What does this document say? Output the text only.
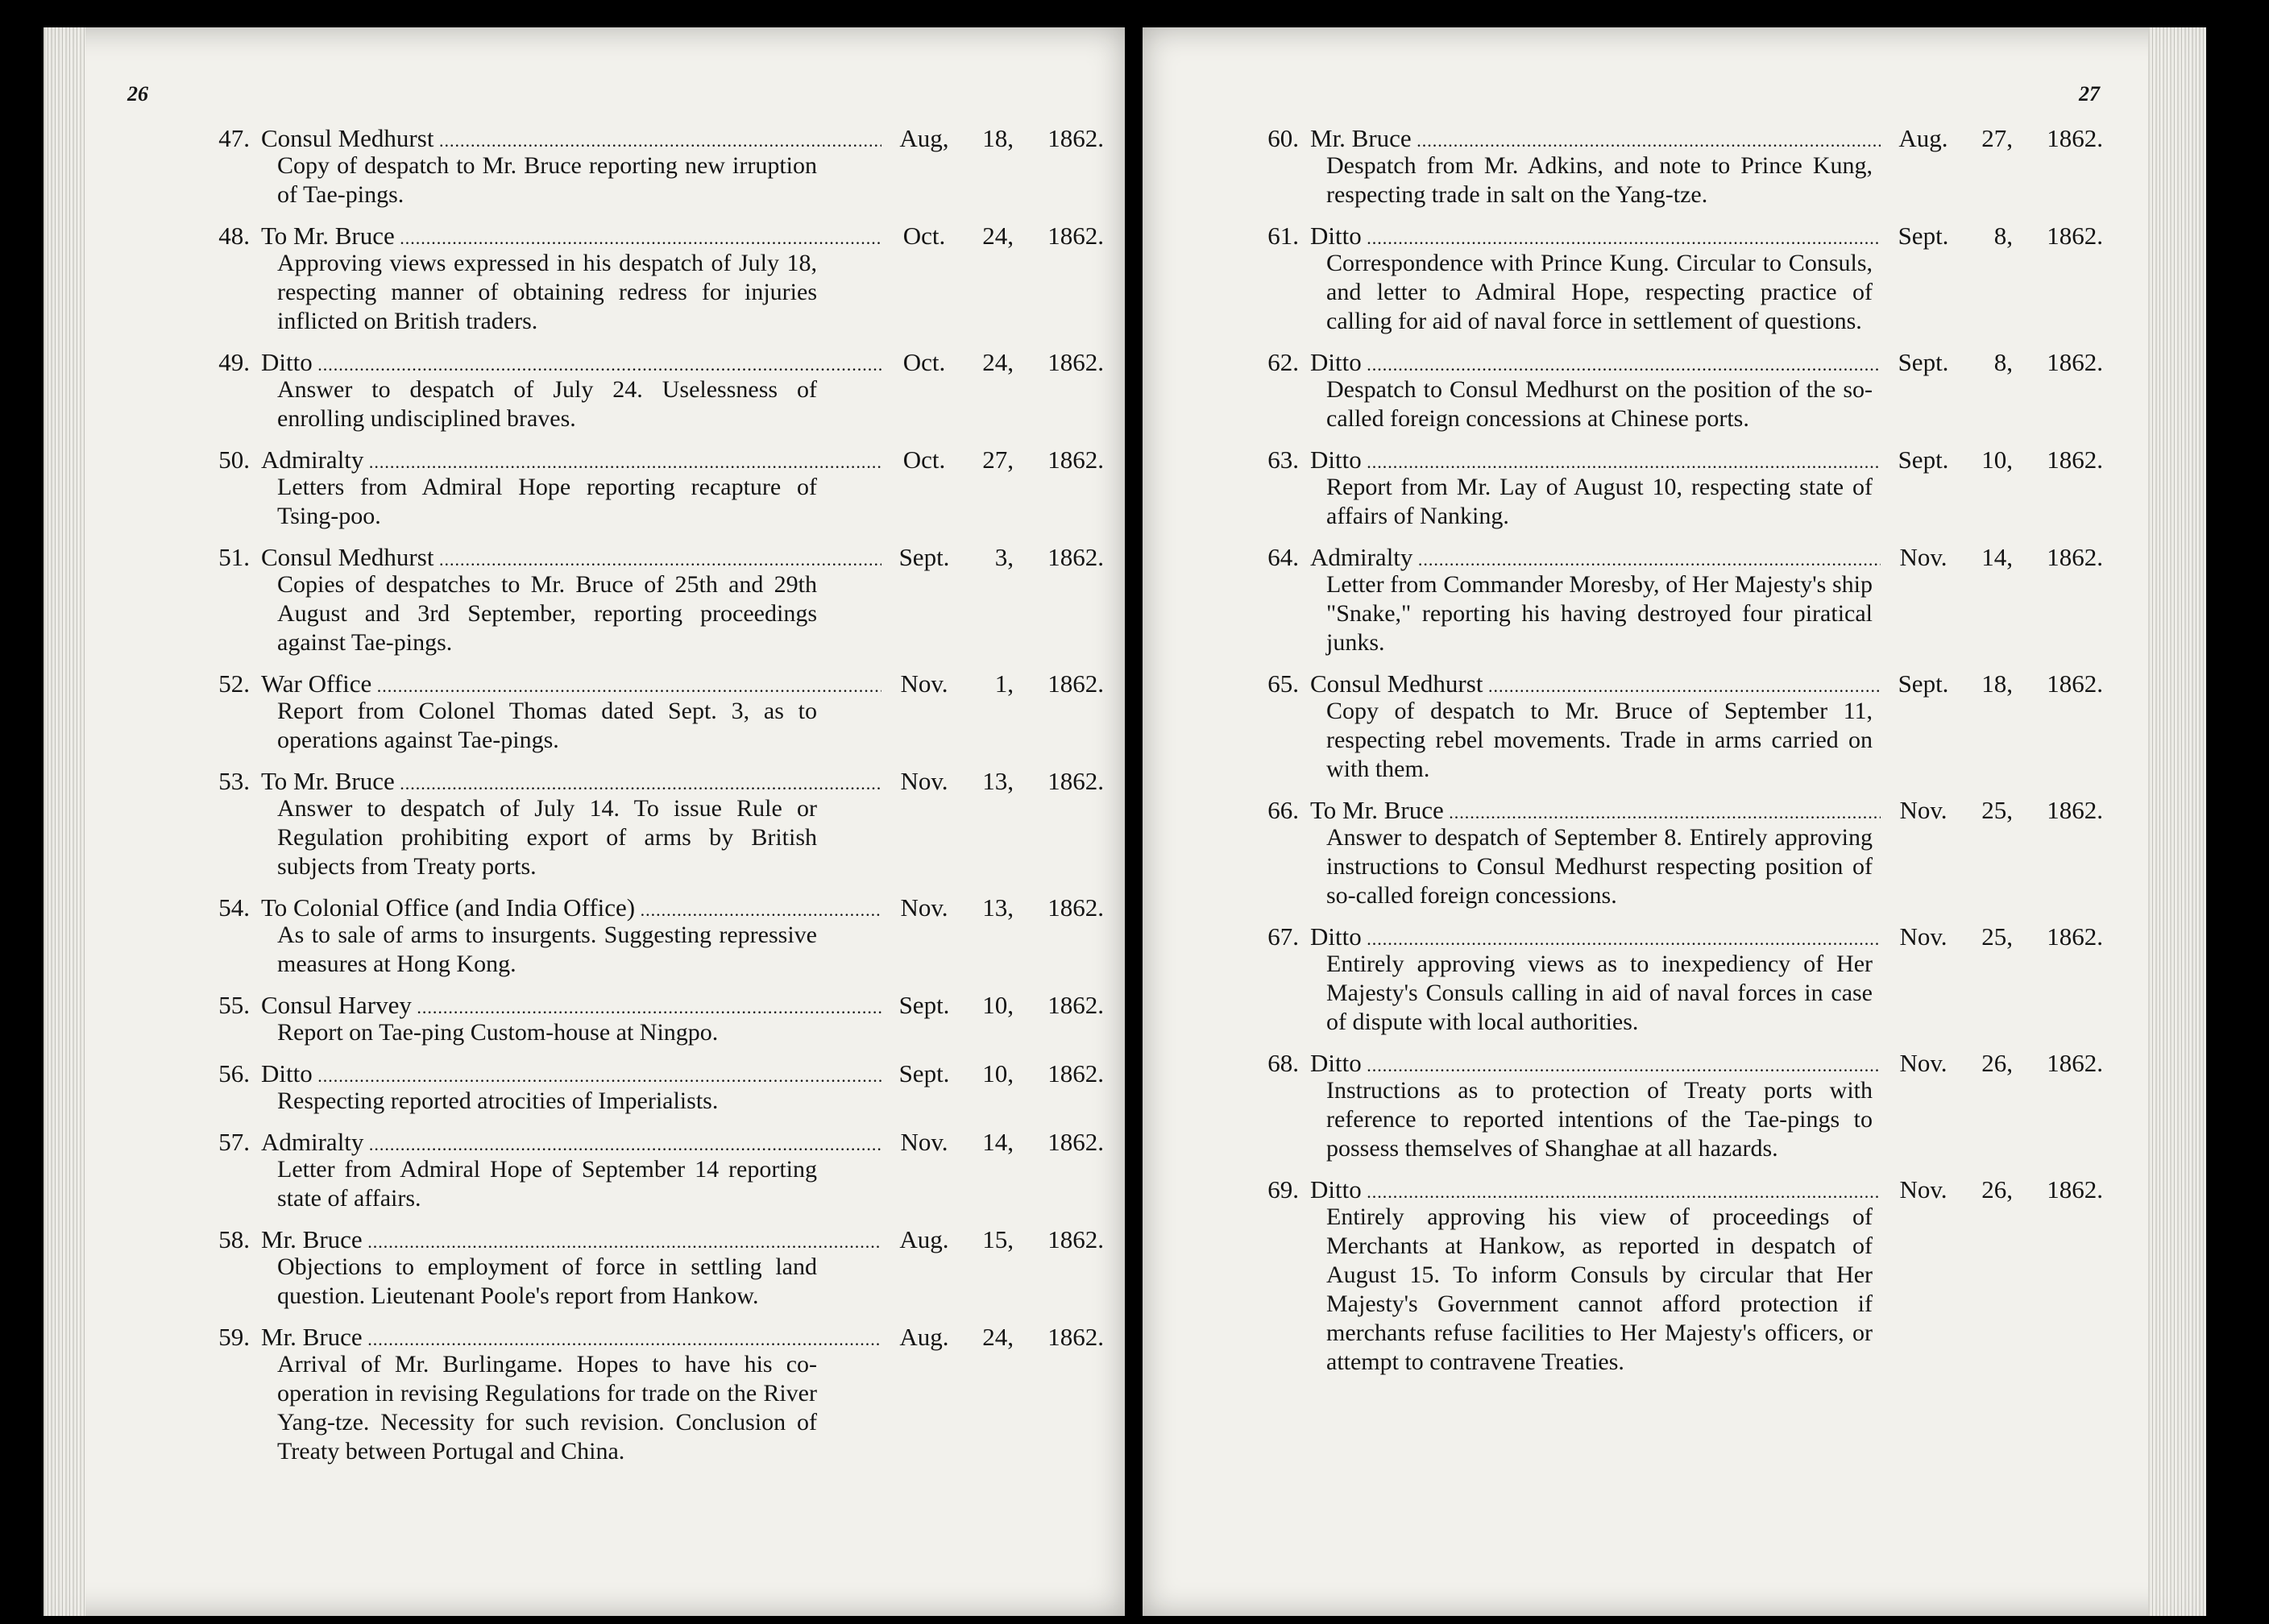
26
47. Consul Medhurst .....	Aug,	18,	1862.
Copy of despatch to Mr. Bruce reporting new irruption of Tae-pings.
48. To Mr. Bruce .....	Oct.	24,	1862.
Approving views expressed in his despatch of July 18, respecting manner of obtaining redress for injuries inflicted on British traders.
49. Ditto .....	Oct.	24,	1862.
Answer to despatch of July 24. Uselessness of enrolling undisciplined braves.
50. Admiralty .....	Oct.	27,	1862.
Letters from Admiral Hope reporting recapture of Tsing-poo.
51. Consul Medhurst .....	Sept.	3,	1862.
Copies of despatches to Mr. Bruce of 25th and 29th August and 3rd September, reporting proceedings against Tae-pings.
52. War Office .....	Nov.	1,	1862.
Report from Colonel Thomas dated Sept. 3, as to operations against Tae-pings.
53. To Mr. Bruce .....	Nov.	13,	1862.
Answer to despatch of July 14. To issue Rule or Regulation prohibiting export of arms by British subjects from Treaty ports.
54. To Colonial Office (and India Office) .....	Nov.	13,	1862.
As to sale of arms to insurgents. Suggesting repressive measures at Hong Kong.
55. Consul Harvey .....	Sept.	10,	1862.
Report on Tae-ping Custom-house at Ningpo.
56. Ditto .....	Sept.	10,	1862.
Respecting reported atrocities of Imperialists.
57. Admiralty .....	Nov.	14,	1862.
Letter from Admiral Hope of September 14 reporting state of affairs.
58. Mr. Bruce .....	Aug.	15,	1862.
Objections to employment of force in settling land question. Lieutenant Poole's report from Hankow.
59. Mr. Bruce .....	Aug.	24,	1862.
Arrival of Mr. Burlingame. Hopes to have his co-operation in revising Regulations for trade on the River Yang-tze. Necessity for such revision. Conclusion of Treaty between Portugal and China.
27
60. Mr. Bruce .....	Aug.	27,	1862.
Despatch from Mr. Adkins, and note to Prince Kung, respecting trade in salt on the Yang-tze.
61. Ditto .....	Sept.	8,	1862.
Correspondence with Prince Kung. Circular to Consuls, and letter to Admiral Hope, respecting practice of calling for aid of naval force in settlement of questions.
62. Ditto .....	Sept.	8,	1862.
Despatch to Consul Medhurst on the position of the so-called foreign concessions at Chinese ports.
63. Ditto .....	Sept.	10,	1862.
Report from Mr. Lay of August 10, respecting state of affairs of Nanking.
64. Admiralty .....	Nov.	14,	1862.
Letter from Commander Moresby, of Her Majesty's ship "Snake," reporting his having destroyed four piratical junks.
65. Consul Medhurst .....	Sept.	18,	1862.
Copy of despatch to Mr. Bruce of September 11, respecting rebel movements. Trade in arms carried on with them.
66. To Mr. Bruce .....	Nov.	25,	1862.
Answer to despatch of September 8. Entirely approving instructions to Consul Medhurst respecting position of so-called foreign concessions.
67. Ditto .....	Nov.	25,	1862.
Entirely approving views as to inexpediency of Her Majesty's Consuls calling in aid of naval forces in case of dispute with local authorities.
68. Ditto .....	Nov.	26,	1862.
Instructions as to protection of Treaty ports with reference to reported intentions of the Tae-pings to possess themselves of Shanghae at all hazards.
69. Ditto .....	Nov.	26,	1862.
Entirely approving his view of proceedings of Merchants at Hankow, as reported in despatch of August 15. To inform Consuls by circular that Her Majesty's Government cannot afford protection if merchants refuse facilities to Her Majesty's officers, or attempt to contravene Treaties.
